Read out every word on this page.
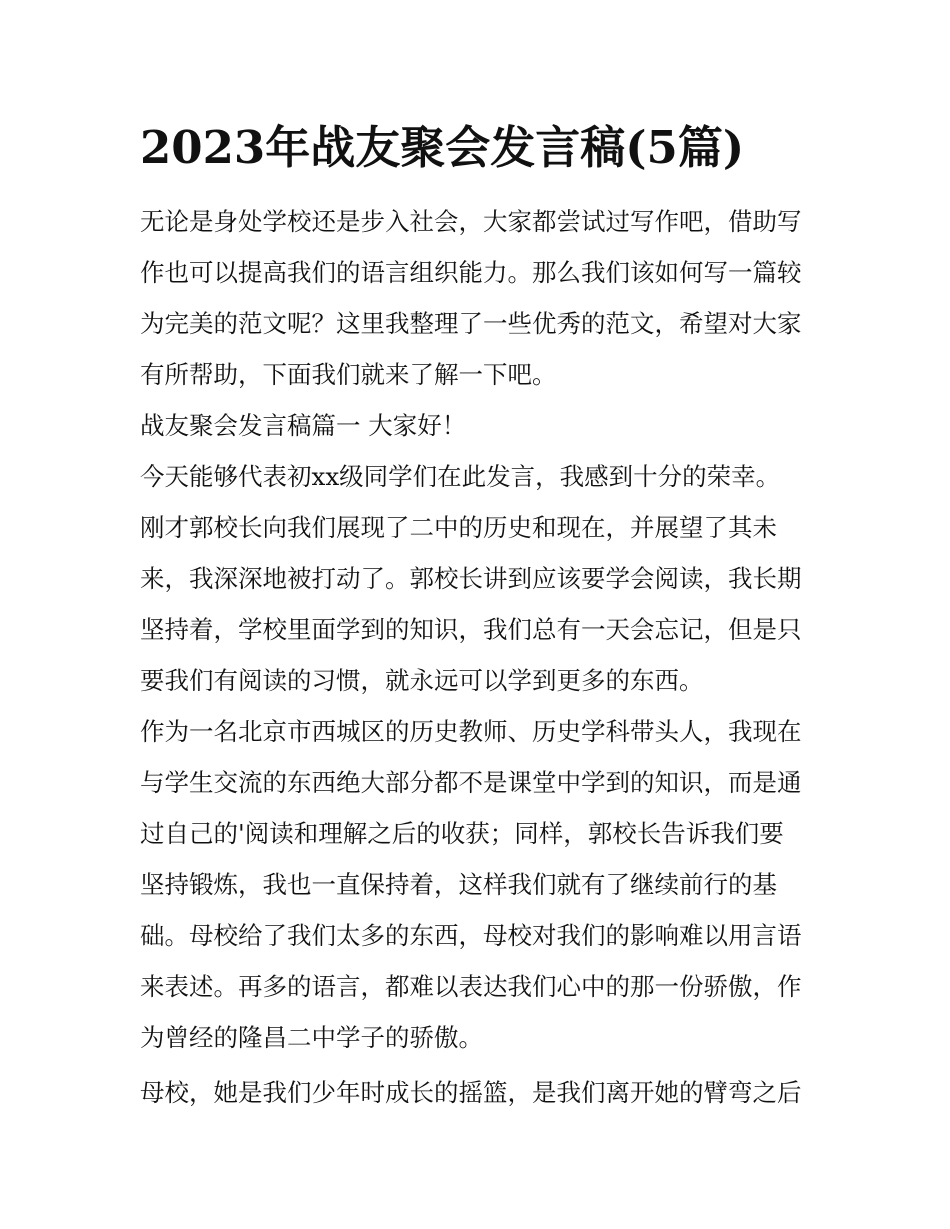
2023年战友聚会发言稿(5篇)

无论是身处学校还是步入社会，大家都尝试过写作吧，借助写

作也可以提高我们的语言组织能力。那么我们该如何写一篇较

为完美的范文呢？这里我整理了一些优秀的范文，希望对大家

有所帮助，下面我们就来了解一下吧。

战友聚会发言稿篇一 大家好！

今天能够代表初xx级同学们在此发言，我感到十分的荣幸。

刚才郭校长向我们展现了二中的历史和现在，并展望了其未

来，我深深地被打动了。郭校长讲到应该要学会阅读，我长期

坚持着，学校里面学到的知识，我们总有一天会忘记，但是只

要我们有阅读的习惯，就永远可以学到更多的东西。

作为一名北京市西城区的历史教师、历史学科带头人，我现在

与学生交流的东西绝大部分都不是课堂中学到的知识，而是通

过自己的'阅读和理解之后的收获；同样，郭校长告诉我们要

坚持锻炼，我也一直保持着，这样我们就有了继续前行的基

础。母校给了我们太多的东西，母校对我们的影响难以用言语

来表述。再多的语言，都难以表达我们心中的那一份骄傲，作

为曾经的隆昌二中学子的骄傲。

母校，她是我们少年时成长的摇篮，是我们离开她的臂弯之后
